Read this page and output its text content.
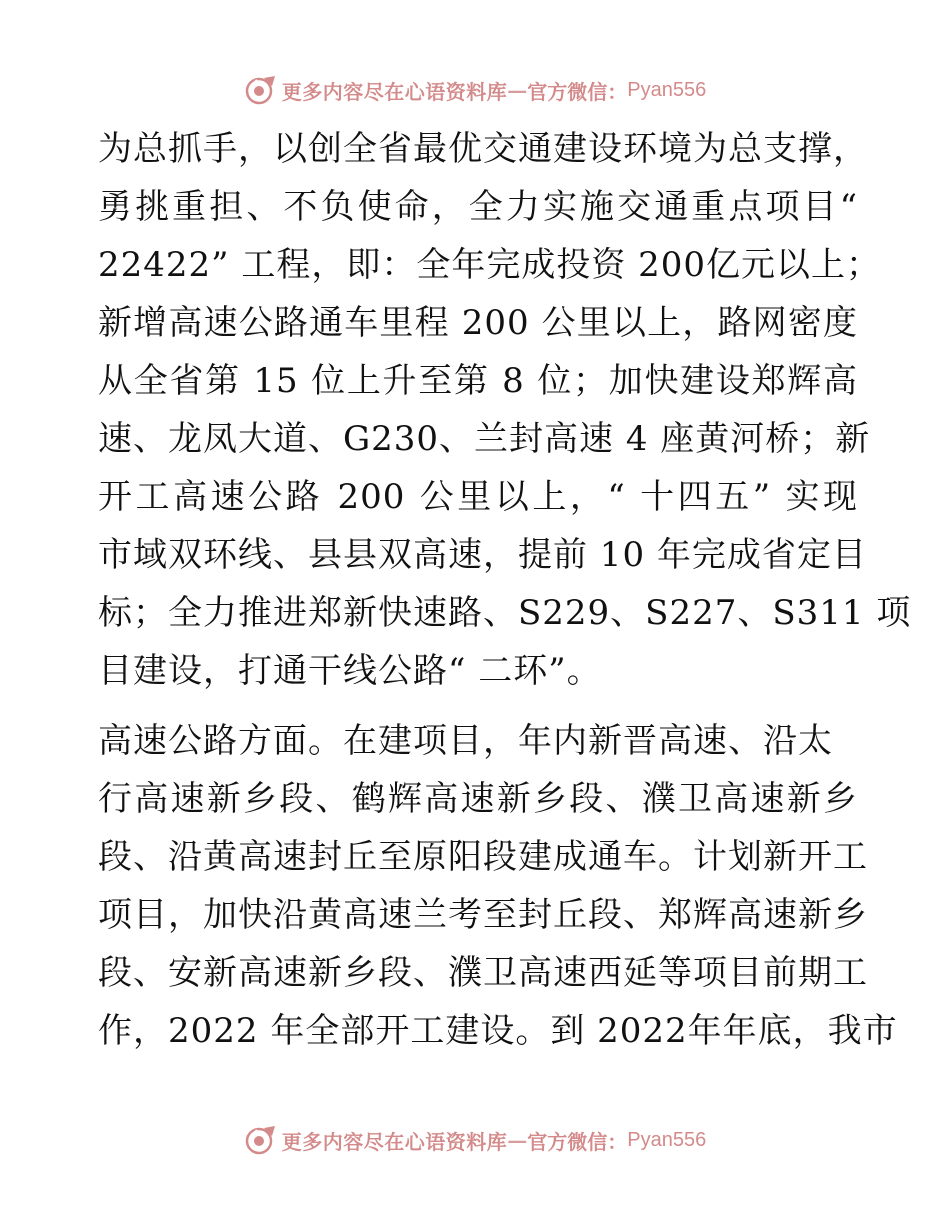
更多内容尽在心语资料库 — 官方微信： Pyan556
为总抓手，以创全省最优交通建设环境为总支撑，
勇挑重担、不负使命，全力实施交通重点项目“
22422” 工程，即：全年完成投资 200亿元以上；
新增高速公路通车里程 200 公里以上，路网密度
从全省第 15 位上升至第 8 位；加快建设郑辉高
速、龙凤大道、G230、兰封高速 4 座黄河桥；新
开工高速公路 200 公里以上，“ 十四五” 实现
市域双环线、县县双高速，提前 10 年完成省定目
标；全力推进郑新快速路、S229、S227、S311 项
目建设，打通干线公路“ 二环”。
高速公路方面。在建项目，年内新晋高速、沿太
行高速新乡段、鹤辉高速新乡段、濮卫高速新乡
段、沿黄高速封丘至原阳段建成通车。计划新开工
项目，加快沿黄高速兰考至封丘段、郑辉高速新乡
段、安新高速新乡段、濮卫高速西延等项目前期工
作，2022 年全部开工建设。到 2022年年底，我市
更多内容尽在心语资料库 — 官方微信： Pyan556
